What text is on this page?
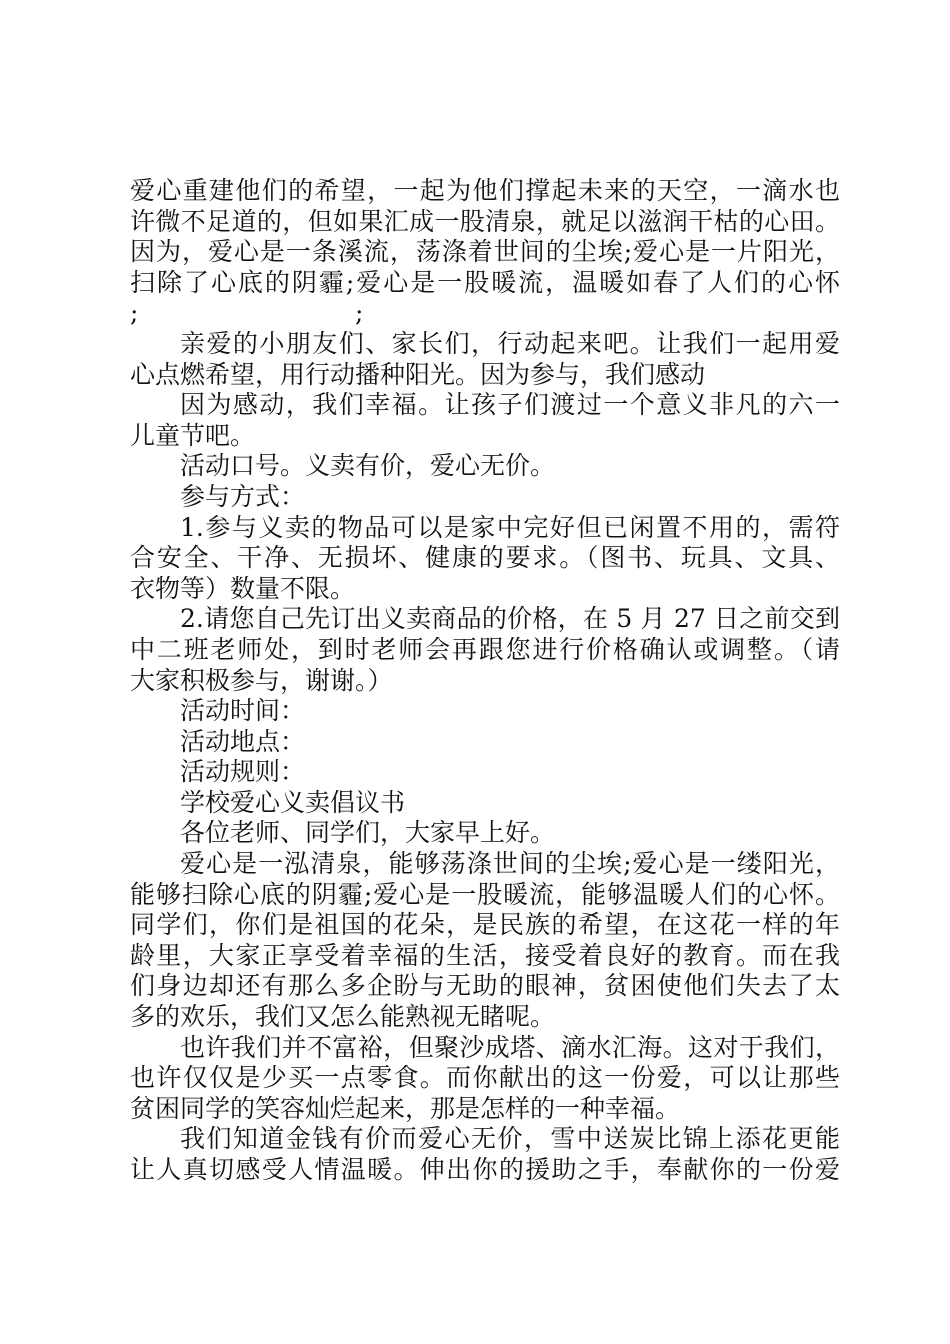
爱心重建他们的希望，一起为他们撑起未来的天空，一滴水也
许微不足道的，但如果汇成一股清泉，就足以滋润干枯的心田。
因为，爱心是一条溪流，荡涤着世间的尘埃;爱心是一片阳光，
扫除了心底的阴霾;爱心是一股暖流，温暖如春了人们的心怀
;	;
亲爱的小朋友们、家长们，行动起来吧。让我们一起用爱
心点燃希望，用行动播种阳光。因为参与，我们感动
因为感动，我们幸福。让孩子们渡过一个意义非凡的六一
儿童节吧。
活动口号。义卖有价，爱心无价。
参与方式：
1.参与义卖的物品可以是家中完好但已闲置不用的，需符
合安全、干净、无损坏、健康的要求。（图书、玩具、文具、
衣物等）数量不限。
2.请您自己先订出义卖商品的价格，在 5 月 27 日之前交到
中二班老师处，到时老师会再跟您进行价格确认或调整。（请
大家积极参与，谢谢。）
活动时间：
活动地点：
活动规则：
学校爱心义卖倡议书
各位老师、同学们，大家早上好。
爱心是一泓清泉，能够荡涤世间的尘埃;爱心是一缕阳光，
能够扫除心底的阴霾;爱心是一股暖流，能够温暖人们的心怀。
同学们，你们是祖国的花朵，是民族的希望，在这花一样的年
龄里，大家正享受着幸福的生活，接受着良好的教育。而在我
们身边却还有那么多企盼与无助的眼神，贫困使他们失去了太
多的欢乐，我们又怎么能熟视无睹呢。
也许我们并不富裕，但聚沙成塔、滴水汇海。这对于我们，
也许仅仅是少买一点零食。而你献出的这一份爱，可以让那些
贫困同学的笑容灿烂起来，那是怎样的一种幸福。
我们知道金钱有价而爱心无价，雪中送炭比锦上添花更能
让人真切感受人情温暖。伸出你的援助之手，奉献你的一份爱
